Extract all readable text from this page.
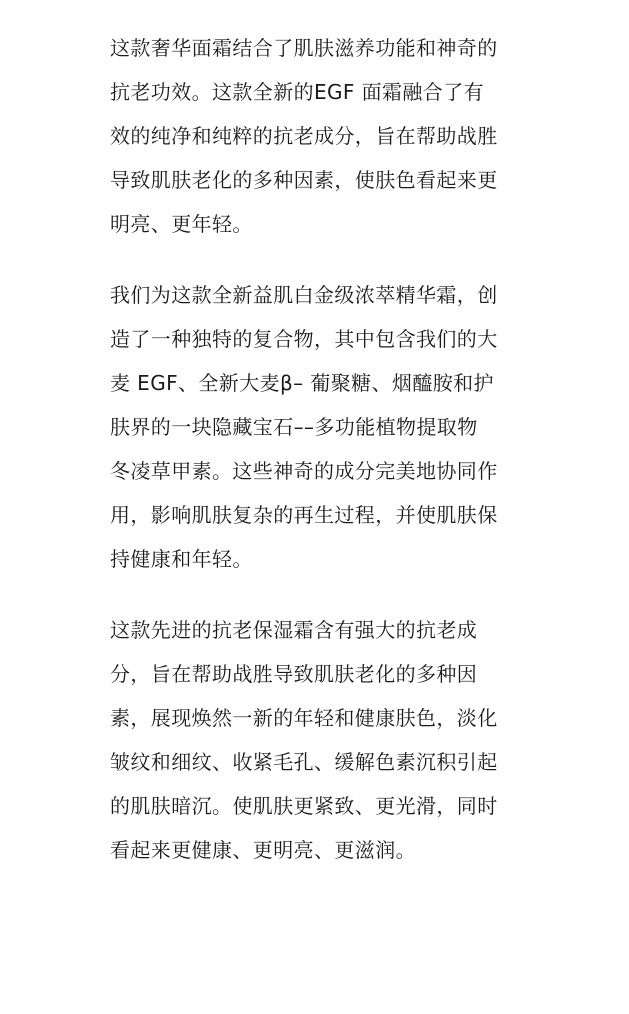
这款奢华面霜结合了肌肤滋养功能和神奇的
抗老功效。这款全新的EGF 面霜融合了有
效的纯净和纯粹的抗老成分，旨在帮助战胜
导致肌肤老化的多种因素，使肤色看起来更
明亮、更年轻。

我们为这款全新益肌白金级浓萃精华霜，创
造了一种独特的复合物，其中包含我们的大
麦 EGF、全新大麦β– 葡聚糖、烟醯胺和护
肤界的一块隐藏宝石––多功能植物提取物
冬凌草甲素。这些神奇的成分完美地协同作
用，影响肌肤复杂的再生过程，并使肌肤保
持健康和年轻。

这款先进的抗老保湿霜含有强大的抗老成
分，旨在帮助战胜导致肌肤老化的多种因
素，展现焕然一新的年轻和健康肤色，淡化
皱纹和细纹、收紧毛孔、缓解色素沉积引起
的肌肤暗沉。使肌肤更紧致、更光滑，同时
看起来更健康、更明亮、更滋润。
